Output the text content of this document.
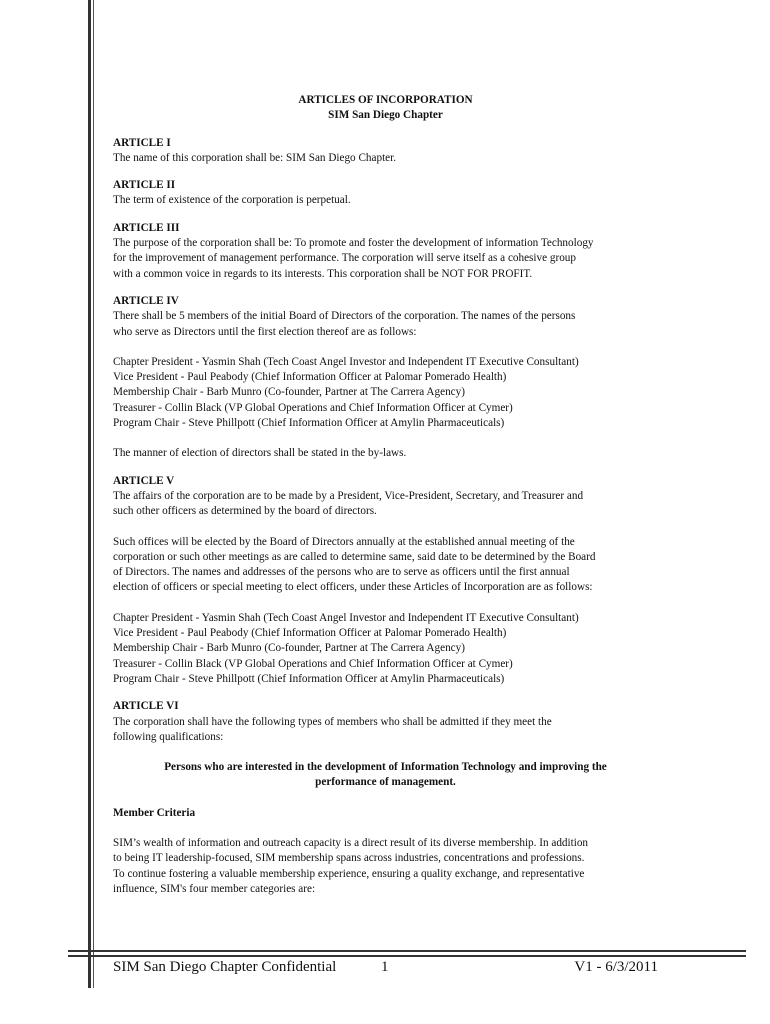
ARTICLES OF INCORPORATION
SIM San Diego Chapter
ARTICLE I

The name of this corporation shall be: SIM San Diego Chapter.

ARTICLE II

The term of existence of the corporation is perpetual.

ARTICLE III

The purpose of the corporation shall be: To promote and foster the development of information Technology

for the improvement of management performance. The corporation will serve itself as a cohesive group

with a common voice in regards to its interests. This corporation shall be NOT FOR PROFIT.

ARTICLE IV

There shall be 5 members of the initial Board of Directors of the corporation. The names of the persons

who serve as Directors until the first election thereof are as follows:

Chapter President - Yasmin Shah (Tech Coast Angel Investor and Independent IT Executive Consultant)

Vice President - Paul Peabody (Chief Information Officer at Palomar Pomerado Health)

Membership Chair - Barb Munro (Co-founder, Partner at The Carrera Agency)

Treasurer - Collin Black (VP Global Operations and Chief Information Officer at Cymer)

Program Chair - Steve Phillpott (Chief Information Officer at Amylin Pharmaceuticals)

The manner of election of directors shall be stated in the by-laws.

ARTICLE V

The affairs of the corporation are to be made by a President, Vice-President, Secretary, and Treasurer and

such other officers as determined by the board of directors.

Such offices will be elected by the Board of Directors annually at the established annual meeting of the

corporation or such other meetings as are called to determine same, said date to be determined by the Board

of Directors. The names and addresses of the persons who are to serve as officers until the first annual

election of officers or special meeting to elect officers, under these Articles of Incorporation are as follows:

Chapter President - Yasmin Shah (Tech Coast Angel Investor and Independent IT Executive Consultant)

Vice President - Paul Peabody (Chief Information Officer at Palomar Pomerado Health)

Membership Chair - Barb Munro (Co-founder, Partner at The Carrera Agency)

Treasurer - Collin Black (VP Global Operations and Chief Information Officer at Cymer)

Program Chair - Steve Phillpott (Chief Information Officer at Amylin Pharmaceuticals)

ARTICLE VI

The corporation shall have the following types of members who shall be admitted if they meet the

following qualifications:

Persons who are interested in the development of Information Technology and improving the

performance of management.

Member Criteria

SIM’s wealth of information and outreach capacity is a direct result of its diverse membership. In addition

to being IT leadership-focused, SIM membership spans across industries, concentrations and professions.

To continue fostering a valuable membership experience, ensuring a quality exchange, and representative

influence, SIM's four member categories are:

SIM San Diego Chapter Confidential	1	V1 - 6/3/2011
